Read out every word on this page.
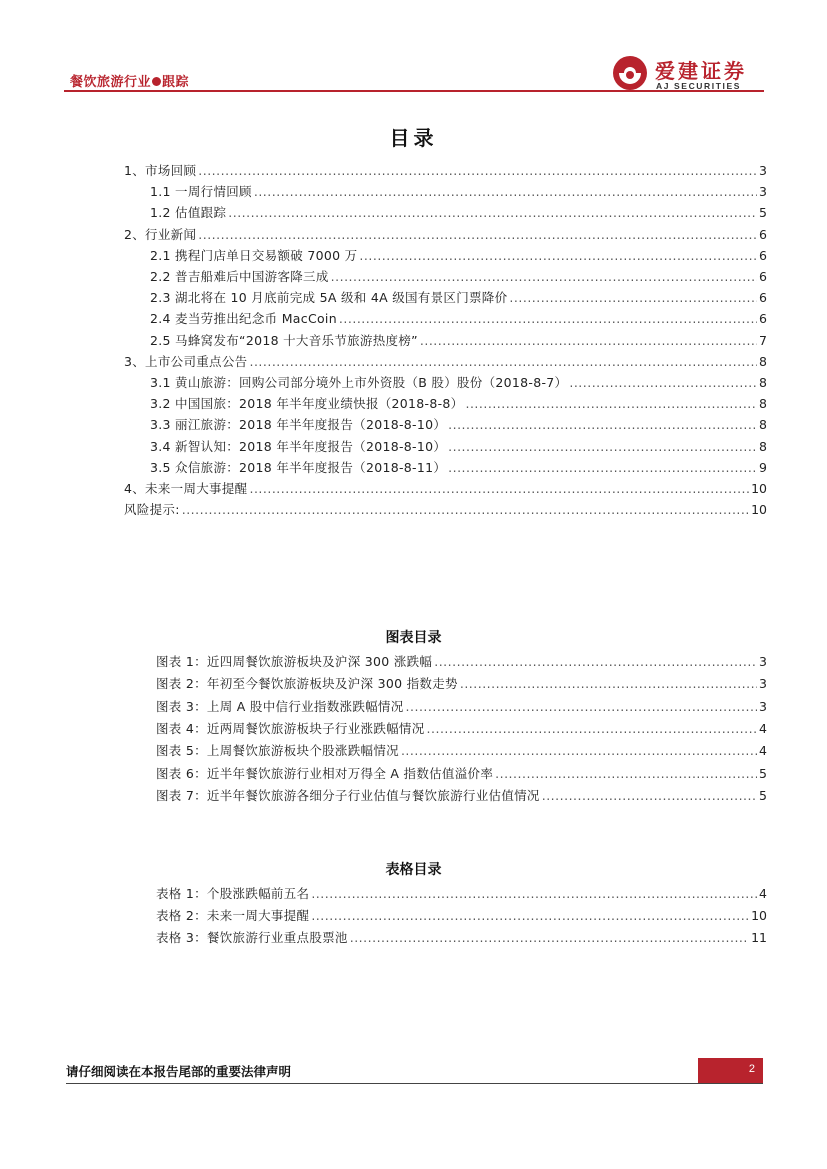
餐饮旅游行业 跟踪	爱建证券
AJ SECURITIES
目录
1、市场回顾 .....	3
1.1 一周行情回顾 .....	3
1.2 估值跟踪 .....	5
2、行业新闻 .....	6
2.1 携程门店单日交易额破 7000 万 .....	6
2.2 普吉船难后中国游客降三成 .....	6
2.3 湖北将在 10 月底前完成 5A 级和 4A 级国有景区门票降价 .....	6
2.4 麦当劳推出纪念币 MacCoin .....	6
2.5 马蜂窝发布“2018 十大音乐节旅游热度榜” .....	7
3、上市公司重点公告 .....	8
3.1 黄山旅游：回购公司部分境外上市外资股（B 股）股份（2018-8-7） .....	8
3.2 中国国旅：2018 年半年度业绩快报（2018-8-8） .....	8
3.3 丽江旅游：2018 年半年度报告（2018-8-10） .....	8
3.4 新智认知：2018 年半年度报告（2018-8-10） .....	8
3.5 众信旅游：2018 年半年度报告（2018-8-11） .....	9
4、未来一周大事提醒 .....	10
风险提示: .....	10
图表目录
图表 1：近四周餐饮旅游板块及沪深 300 涨跌幅 .....	3
图表 2：年初至今餐饮旅游板块及沪深 300 指数走势 .....	3
图表 3：上周 A 股中信行业指数涨跌幅情况 .....	3
图表 4：近两周餐饮旅游板块子行业涨跌幅情况 .....	4
图表 5：上周餐饮旅游板块个股涨跌幅情况 .....	4
图表 6：近半年餐饮旅游行业相对万得全 A 指数估值溢价率 .....	5
图表 7：近半年餐饮旅游各细分子行业估值与餐饮旅游行业估值情况 .....	5
表格目录
表格 1：个股涨跌幅前五名 .....	4
表格 2：未来一周大事提醒 .....	10
表格 3：餐饮旅游行业重点股票池 .....	11
请仔细阅读在本报告尾部的重要法律声明	2
